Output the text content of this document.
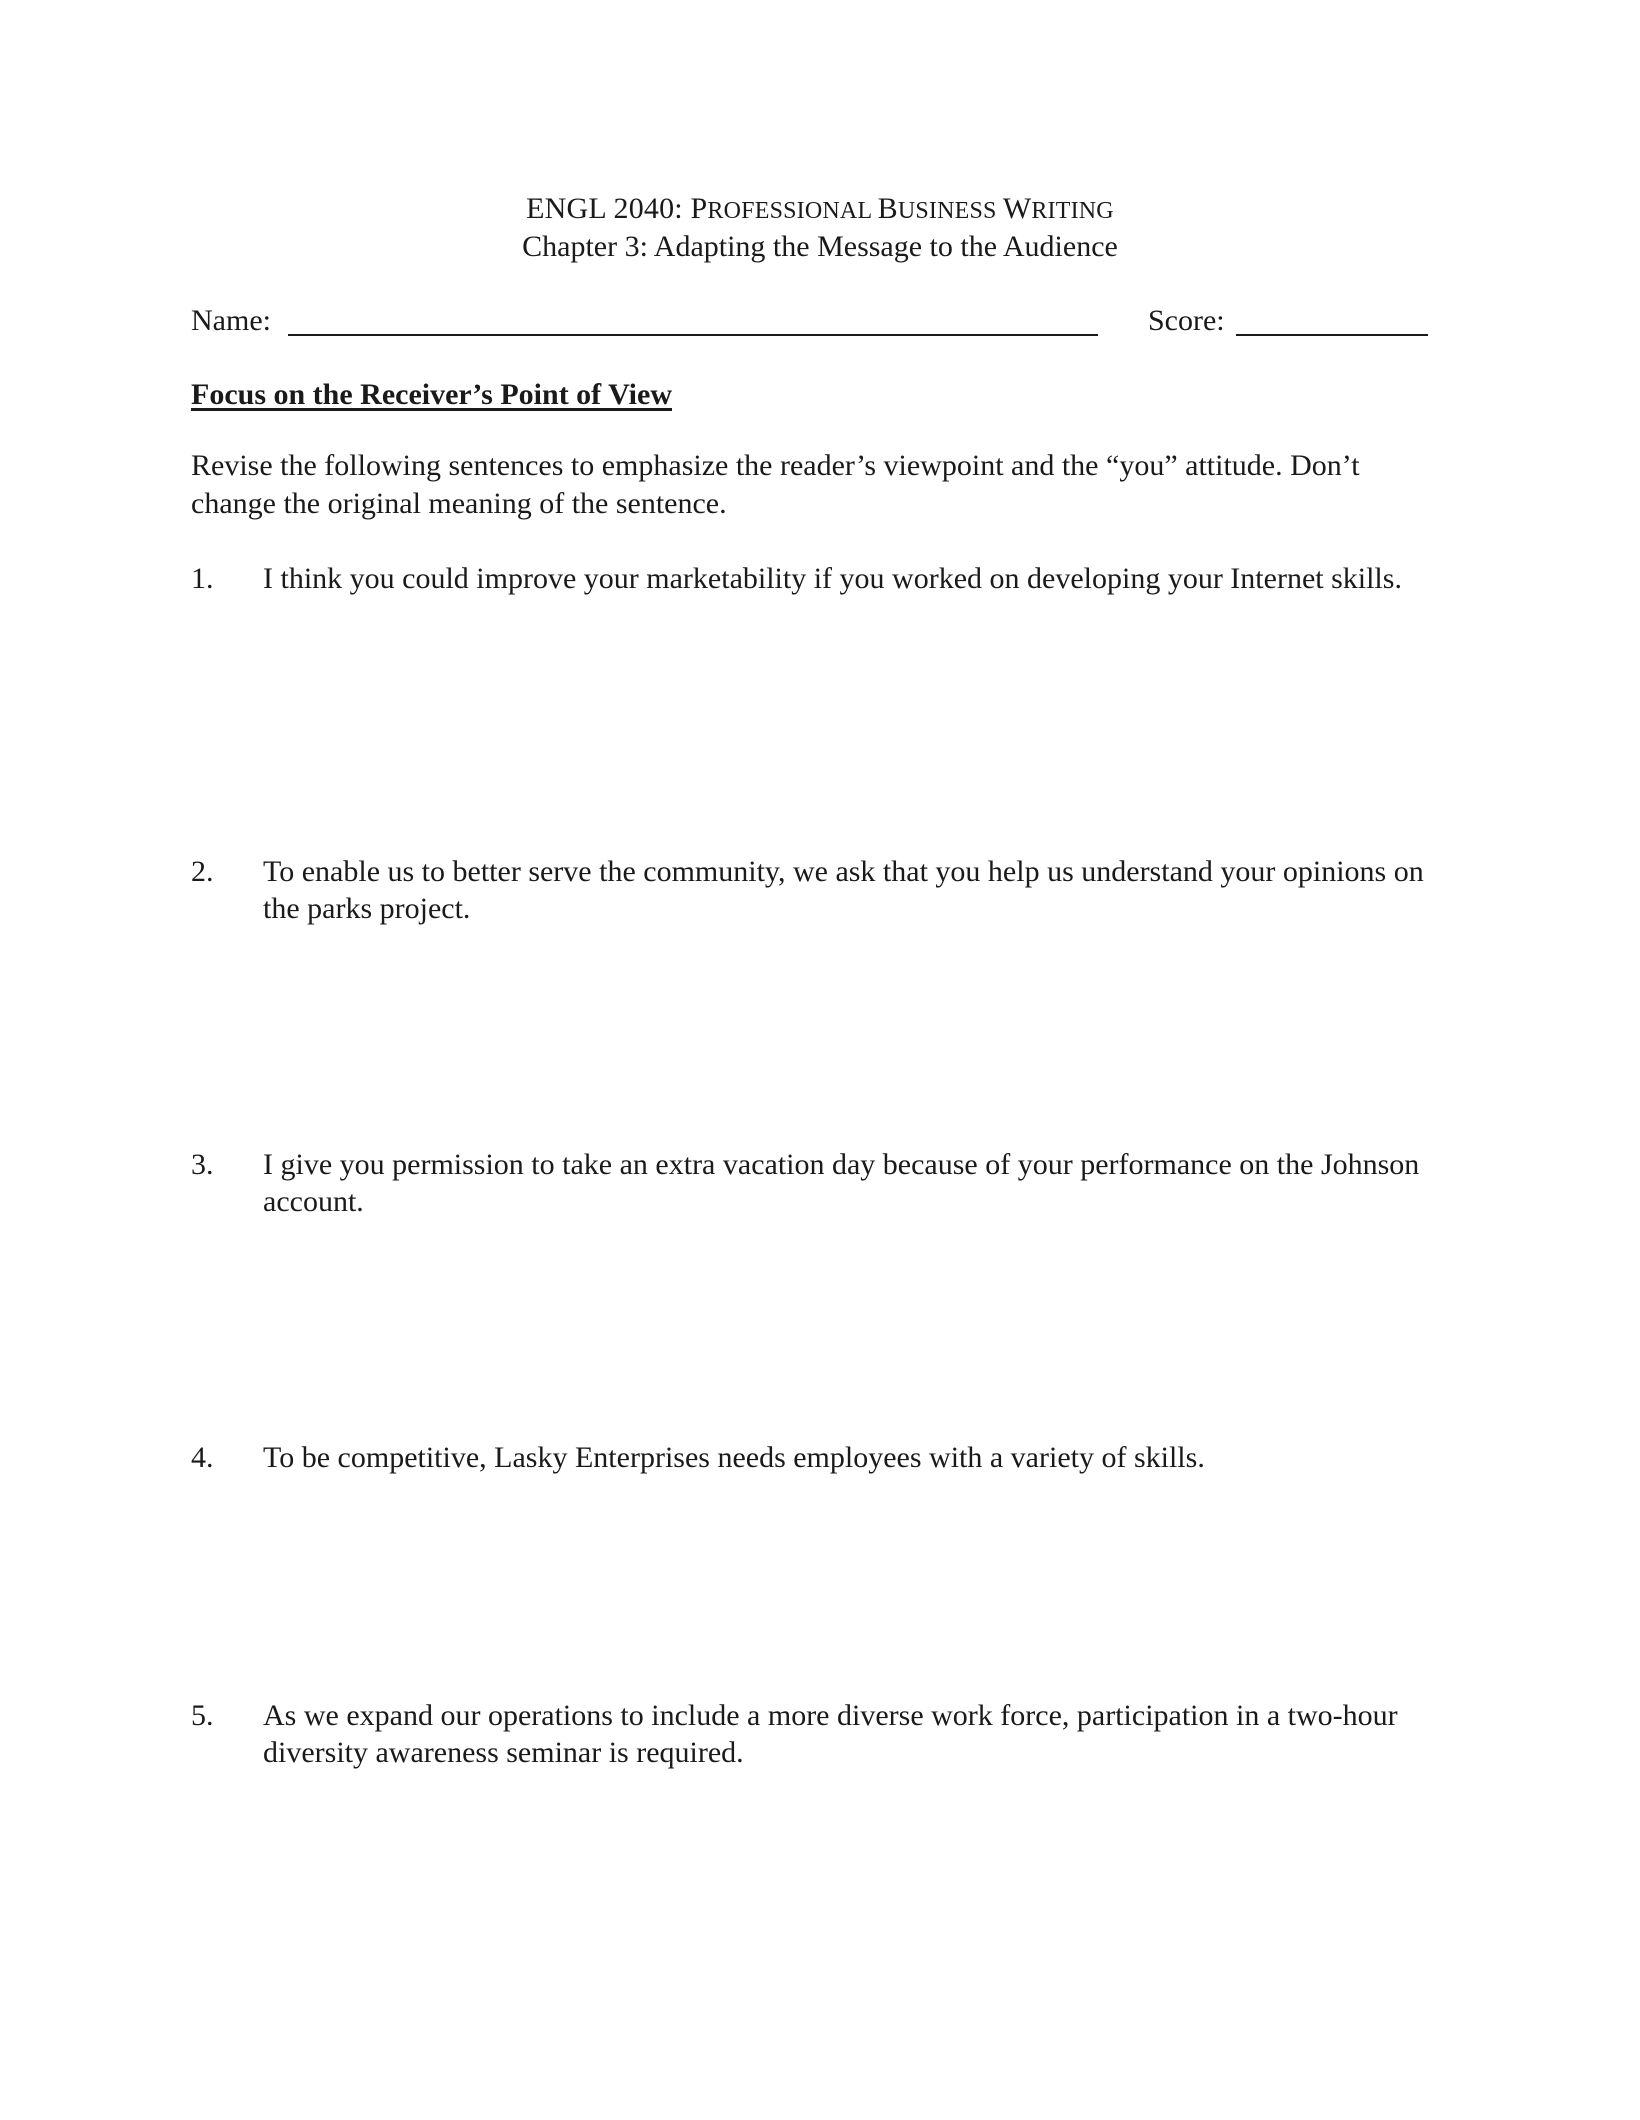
ENGL 2040: PROFESSIONAL BUSINESS WRITING
Chapter 3: Adapting the Message to the Audience
Name:	Score:
Focus on the Receiver’s Point of View
Revise the following sentences to emphasize the reader’s viewpoint and the “you” attitude. Don’t change the original meaning of the sentence.
1. I think you could improve your marketability if you worked on developing your Internet skills.
2. To enable us to better serve the community, we ask that you help us understand your opinions on the parks project.
3. I give you permission to take an extra vacation day because of your performance on the Johnson account.
4. To be competitive, Lasky Enterprises needs employees with a variety of skills.
5. As we expand our operations to include a more diverse work force, participation in a two-hour diversity awareness seminar is required.
